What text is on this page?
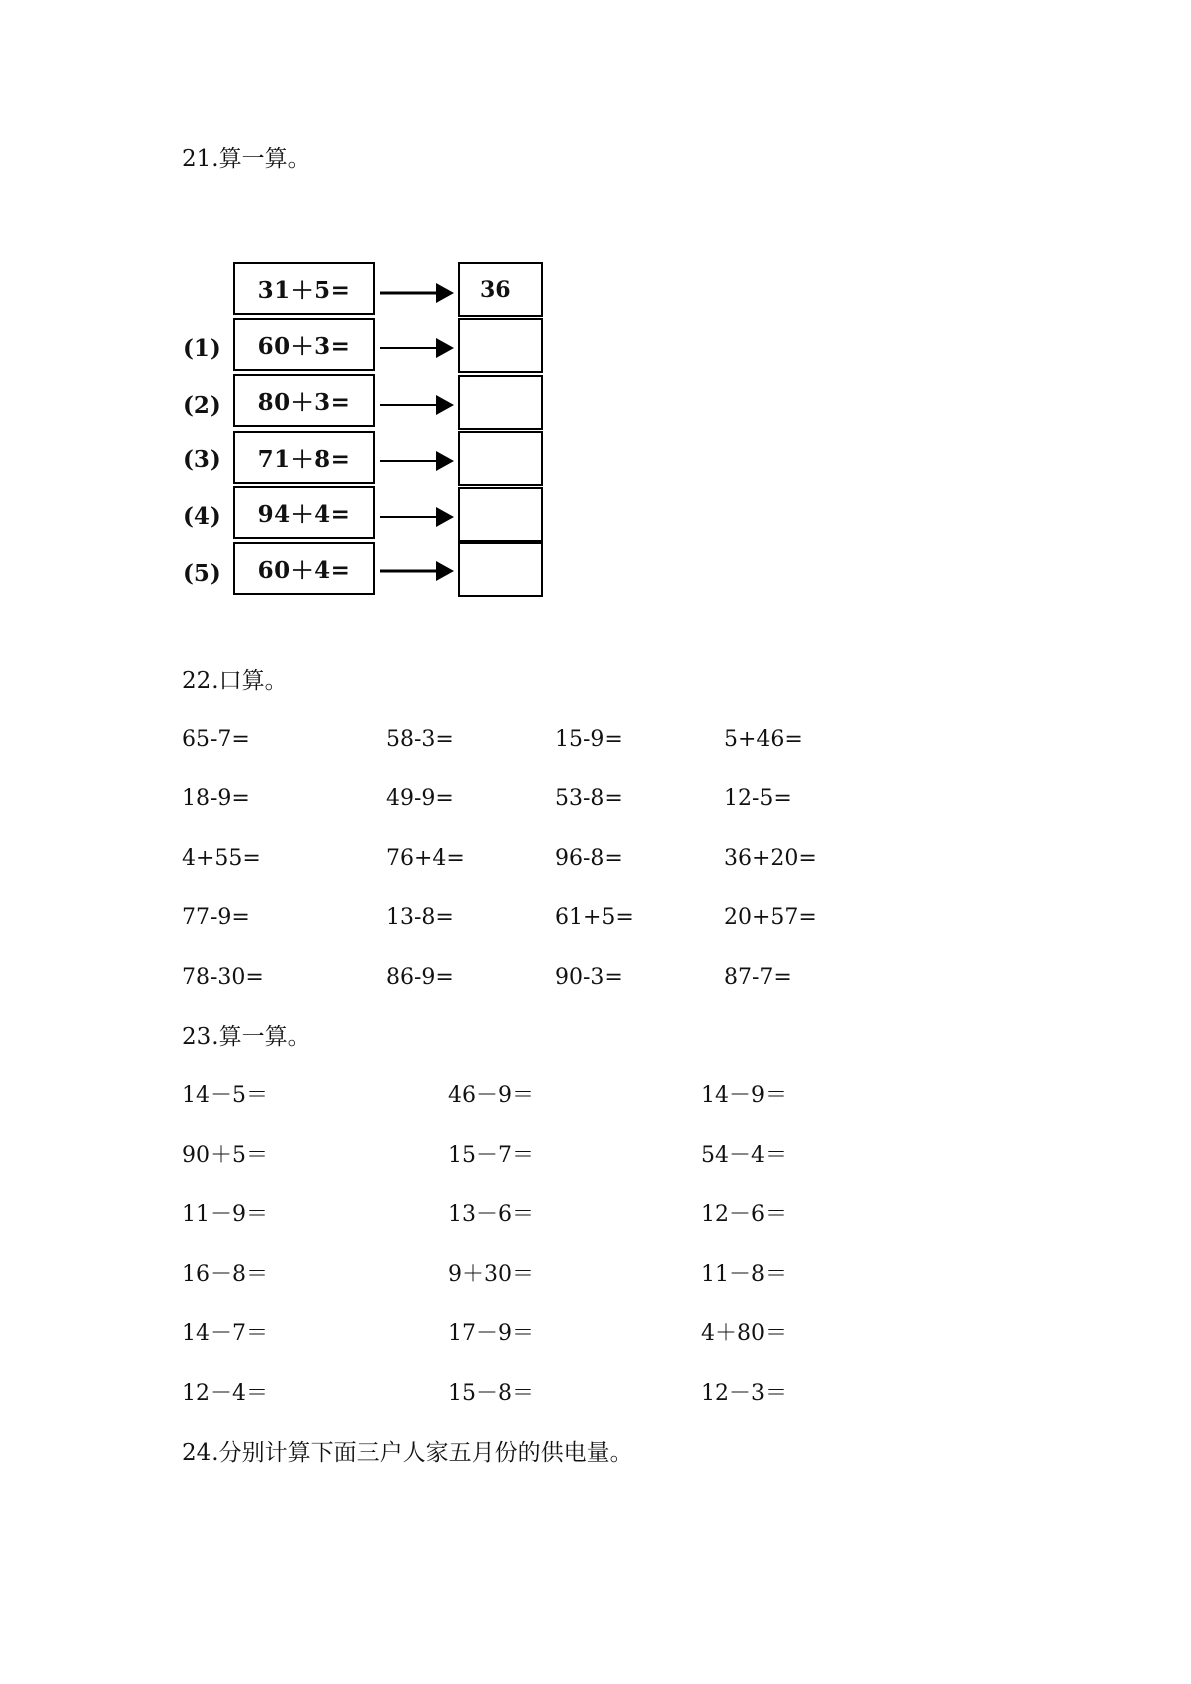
21.算一算。
31＋5=	36
(1)	60＋3=
(2)	80＋3=
(3)	71＋8=
(4)	94＋4=
(5)	60＋4=
22.口算。
65-7=	58-3=	15-9=	5+46=
18-9=	49-9=	53-8=	12-5=
4+55=	76+4=	96-8=	36+20=
77-9=	13-8=	61+5=	20+57=
78-30=	86-9=	90-3=	87-7=
23.算一算。
14－5＝	46－9＝	14－9＝
90＋5＝	15－7＝	54－4＝
11－9＝	13－6＝	12－6＝
16－8＝	9＋30＝	11－8＝
14－7＝	17－9＝	4＋80＝
12－4＝	15－8＝	12－3＝
24.分别计算下面三户人家五月份的供电量。
